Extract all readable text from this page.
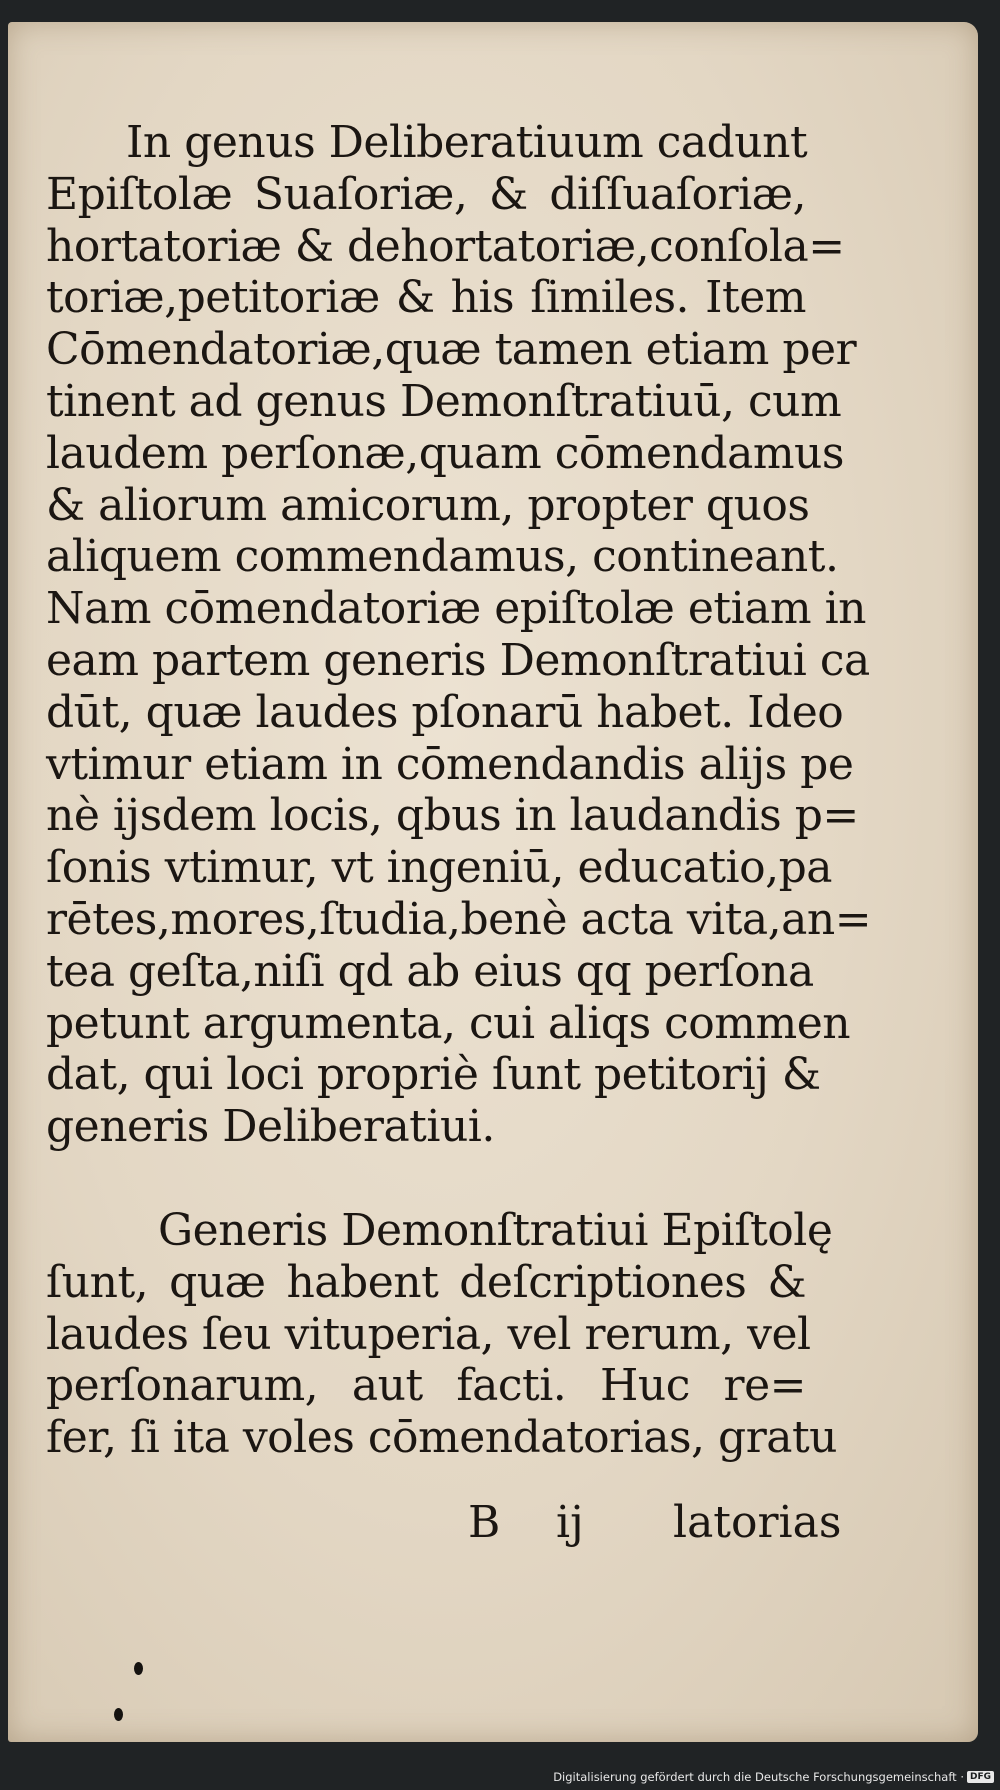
In genus Deliberatiuum cadunt
Epiſtolæ Suaſoriæ, & diſſuaſoriæ,
hortatoriæ & dehortatoriæ,conſola=
toriæ,petitoriæ & his ſimiles. Item
Cōmendatoriæ,quæ tamen etiam per
tinent ad genus Demonſtratiuū, cum
laudem perſonæ,quam cōmendamus
& aliorum amicorum, propter quos
aliquem commendamus, contineant.
Nam cōmendatoriæ epiſtolæ etiam in
eam partem generis Demonſtratiui ca
dūt, quæ laudes pſonarū habet. Ideo
vtimur etiam in cōmendandis alijs pe
nè ijsdem locis, qbus in laudandis p=
ſonis vtimur, vt ingeniū, educatio,pa
rētes,mores,ſtudia,benè acta vita,an=
tea geſta,niſi qd ab eius qq perſona
petunt argumenta, cui aliqs commen
dat, qui loci propriè ſunt petitorij &
generis Deliberatiui.
Generis Demonſtratiui Epiſtolę
ſunt, quæ habent deſcriptiones &
laudes ſeu vituperia, vel rerum, vel
perſonarum, aut facti. Huc re=
fer, ſi ita voles cōmendatorias, gratu
B ij latorias
Digitalisierung gefördert durch die Deutsche Forschungsgemeinschaft · DFG
